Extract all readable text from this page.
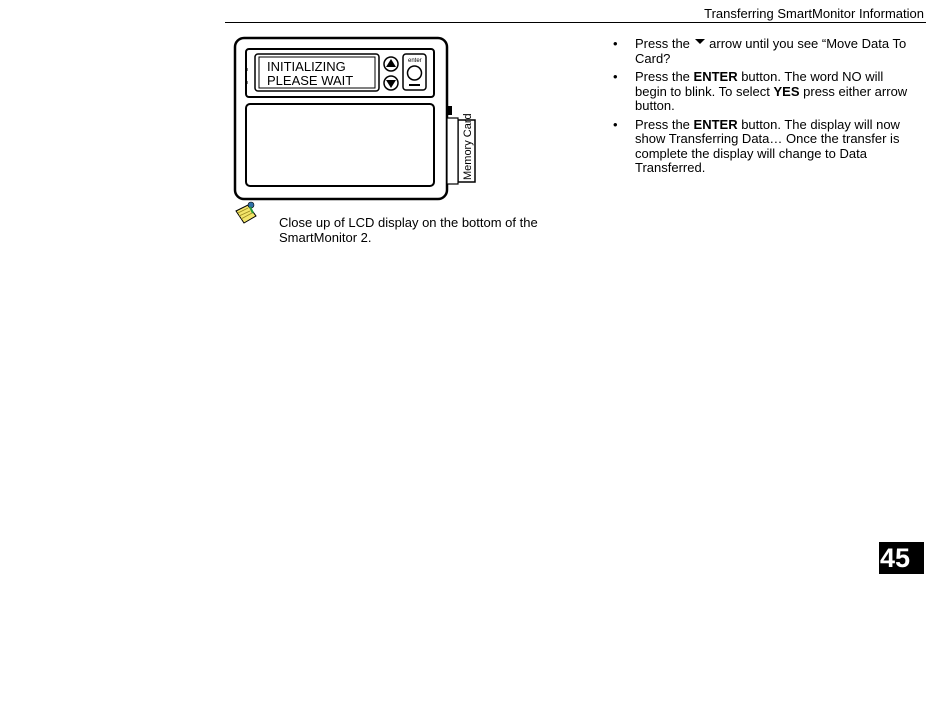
Transferring SmartMonitor Information
INITIALIZING
PLEASE WAIT
enter
Memory Card
Close up of LCD display on the bottom of the SmartMonitor 2.
• Press the arrow until you see “Move Data To Card?
• Press the ENTER button. The word NO will begin to blink. To select YES press either arrow button.
• Press the ENTER button. The display will now show Transferring Data… Once the transfer is complete the display will change to Data Transferred.
45
